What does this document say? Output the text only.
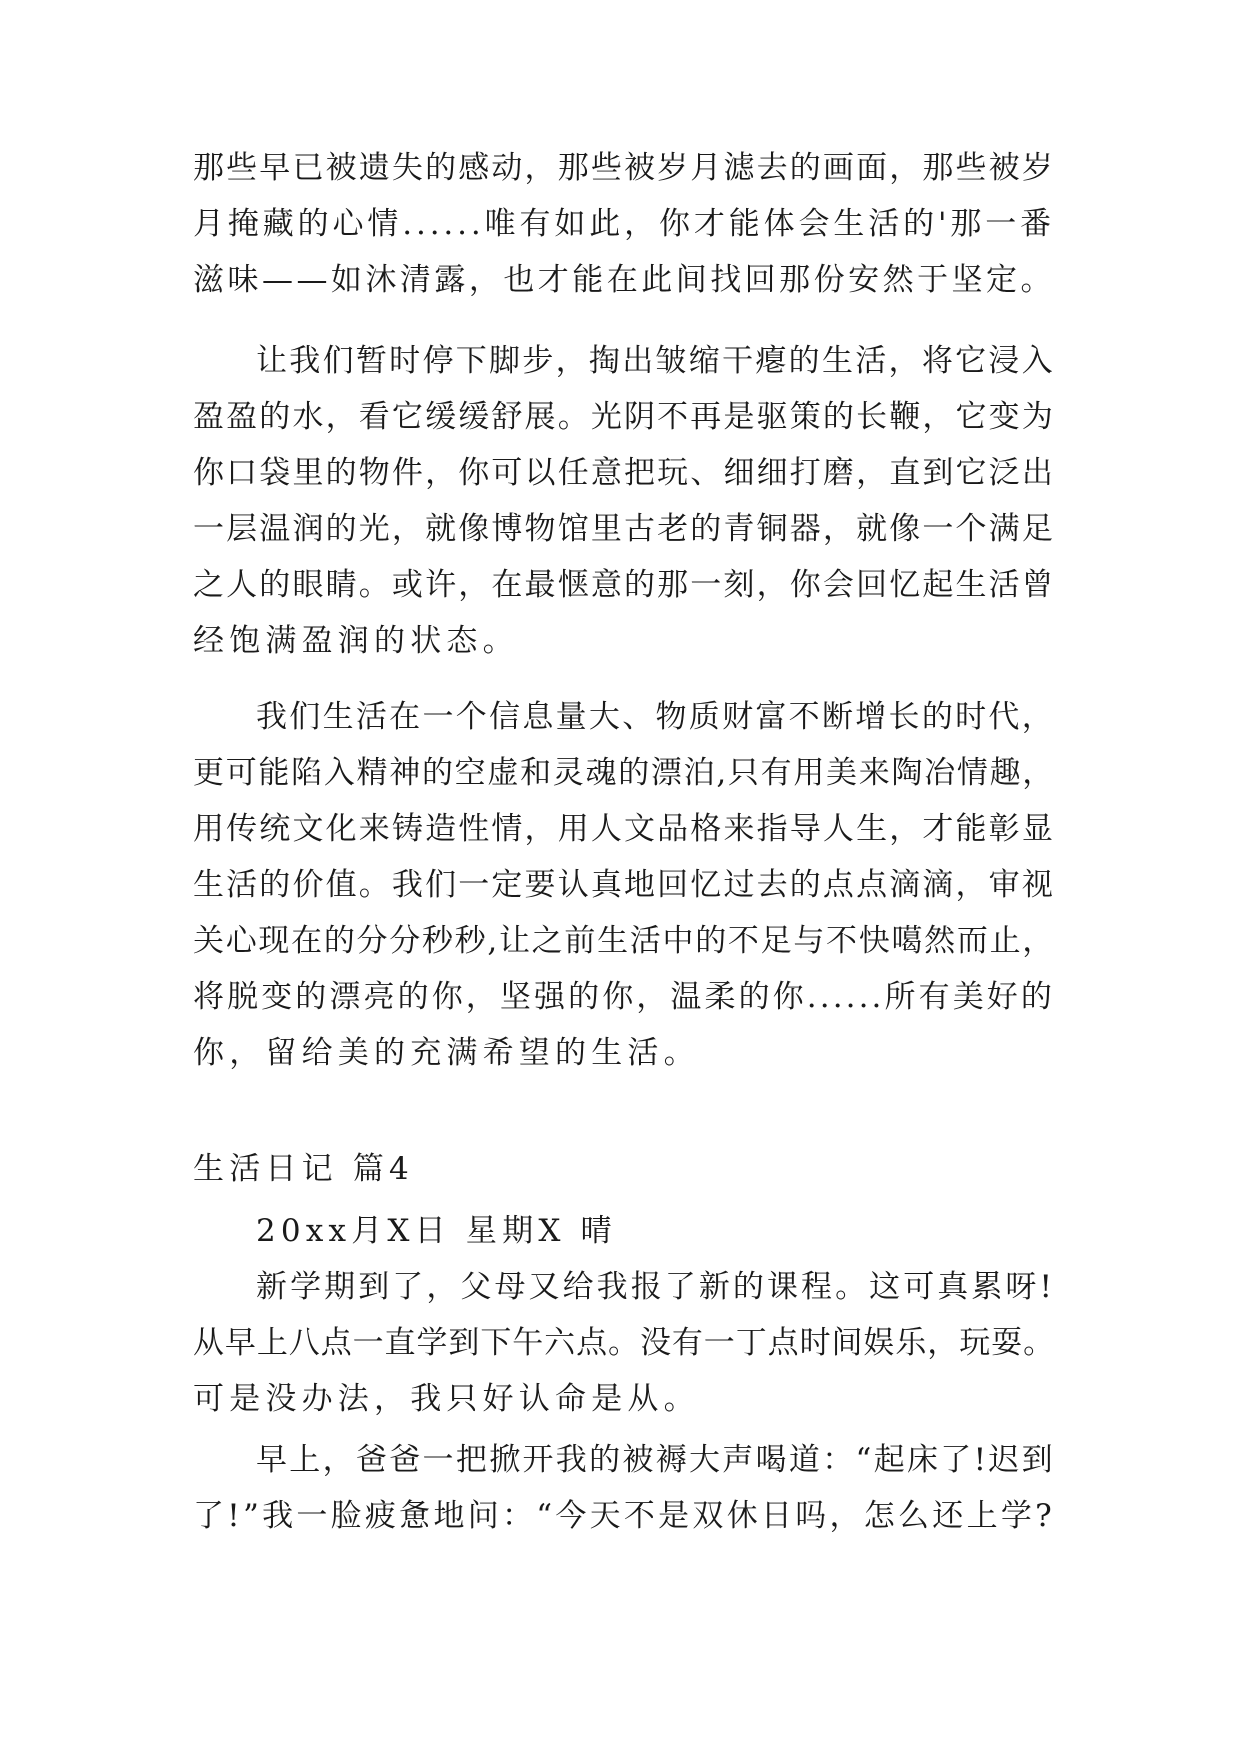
那些早已被遗失的感动，那些被岁月滤去的画面，那些被岁

月掩藏的心情......唯有如此，你才能体会生活的'那一番

滋味——如沐清露，也才能在此间找回那份安然于坚定。

让我们暂时停下脚步，掏出皱缩干瘪的生活，将它浸入

盈盈的水，看它缓缓舒展。光阴不再是驱策的长鞭，它变为

你口袋里的物件，你可以任意把玩、细细打磨，直到它泛出

一层温润的光，就像博物馆里古老的青铜器，就像一个满足

之人的眼睛。或许，在最惬意的那一刻，你会回忆起生活曾

经饱满盈润的状态。

我们生活在一个信息量大、物质财富不断增长的时代，

更可能陷入精神的空虚和灵魂的漂泊,只有用美来陶冶情趣，

用传统文化来铸造性情，用人文品格来指导人生，才能彰显

生活的价值。我们一定要认真地回忆过去的点点滴滴，审视

关心现在的分分秒秒,让之前生活中的不足与不快噶然而止，

将脱变的漂亮的你，坚强的你，温柔的你......所有美好的

你，留给美的充满希望的生活。

生活日记 篇4

20xx月X日 星期X 晴

新学期到了，父母又给我报了新的课程。这可真累呀!

从早上八点一直学到下午六点。没有一丁点时间娱乐，玩耍。

可是没办法，我只好认命是从。

早上，爸爸一把掀开我的被褥大声喝道：“起床了!迟到

了!”我一脸疲惫地问：“今天不是双休日吗，怎么还上学?
